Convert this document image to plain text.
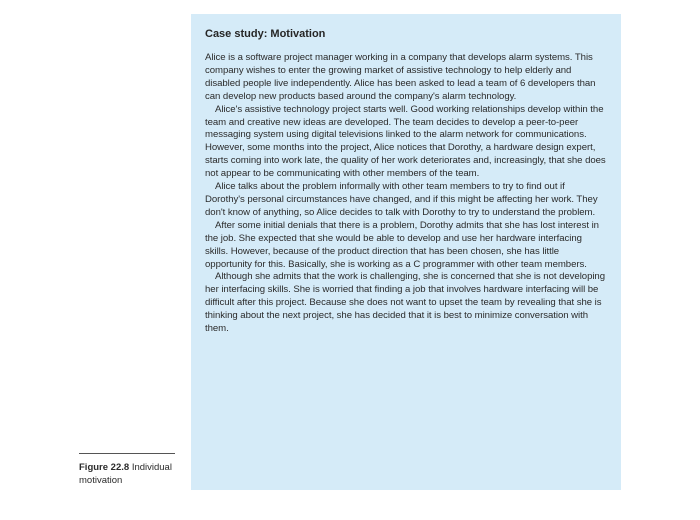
Case study: Motivation

Alice is a software project manager working in a company that develops alarm systems. This company wishes to enter the growing market of assistive technology to help elderly and disabled people live independently. Alice has been asked to lead a team of 6 developers than can develop new products based around the company's alarm technology.

Alice's assistive technology project starts well. Good working relationships develop within the team and creative new ideas are developed. The team decides to develop a peer-to-peer messaging system using digital televisions linked to the alarm network for communications. However, some months into the project, Alice notices that Dorothy, a hardware design expert, starts coming into work late, the quality of her work deteriorates and, increasingly, that she does not appear to be communicating with other members of the team.

Alice talks about the problem informally with other team members to try to find out if Dorothy's personal circumstances have changed, and if this might be affecting her work. They don't know of anything, so Alice decides to talk with Dorothy to try to understand the problem.

After some initial denials that there is a problem, Dorothy admits that she has lost interest in the job. She expected that she would be able to develop and use her hardware interfacing skills. However, because of the product direction that has been chosen, she has little opportunity for this. Basically, she is working as a C programmer with other team members.

Although she admits that the work is challenging, she is concerned that she is not developing her interfacing skills. She is worried that finding a job that involves hardware interfacing will be difficult after this project. Because she does not want to upset the team by revealing that she is thinking about the next project, she has decided that it is best to minimize conversation with them.

Figure 22.8 Individual motivation
